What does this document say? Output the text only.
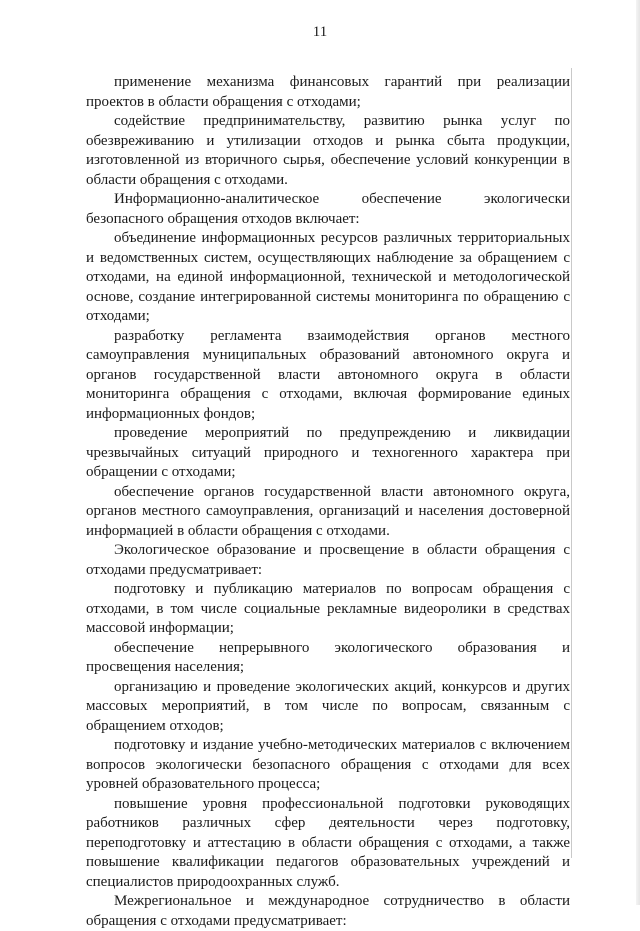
11

применение механизма финансовых гарантий при реализации проектов в области обращения с отходами;

содействие предпринимательству, развитию рынка услуг по обезвреживанию и утилизации отходов и рынка сбыта продукции, изготовленной из вторичного сырья, обеспечение условий конкуренции в области обращения с отходами.

Информационно-аналитическое обеспечение экологически безопасного обращения отходов включает:

объединение информационных ресурсов различных территориальных и ведомственных систем, осуществляющих наблюдение за обращением с отходами, на единой информационной, технической и методологической основе, создание интегрированной системы мониторинга по обращению с отходами;

разработку регламента взаимодействия органов местного самоуправления муниципальных образований автономного округа и органов государственной власти автономного округа в области мониторинга обращения с отходами, включая формирование единых информационных фондов;

проведение мероприятий по предупреждению и ликвидации чрезвычайных ситуаций природного и техногенного характера при обращении с отходами;

обеспечение органов государственной власти автономного округа, органов местного самоуправления, организаций и населения достоверной информацией в области обращения с отходами.

Экологическое образование и просвещение в области обращения с отходами предусматривает:

подготовку и публикацию материалов по вопросам обращения с отходами, в том числе социальные рекламные видеоролики в средствах массовой информации;

обеспечение непрерывного экологического образования и просвещения населения;

организацию и проведение экологических акций, конкурсов и других массовых мероприятий, в том числе по вопросам, связанным с обращением отходов;

подготовку и издание учебно-методических материалов с включением вопросов экологически безопасного обращения с отходами для всех уровней образовательного процесса;

повышение уровня профессиональной подготовки руководящих работников различных сфер деятельности через подготовку, переподготовку и аттестацию в области обращения с отходами, а также повышение квалификации педагогов образовательных учреждений и специалистов природоохранных служб.

Межрегиональное и международное сотрудничество в области обращения с отходами предусматривает:
